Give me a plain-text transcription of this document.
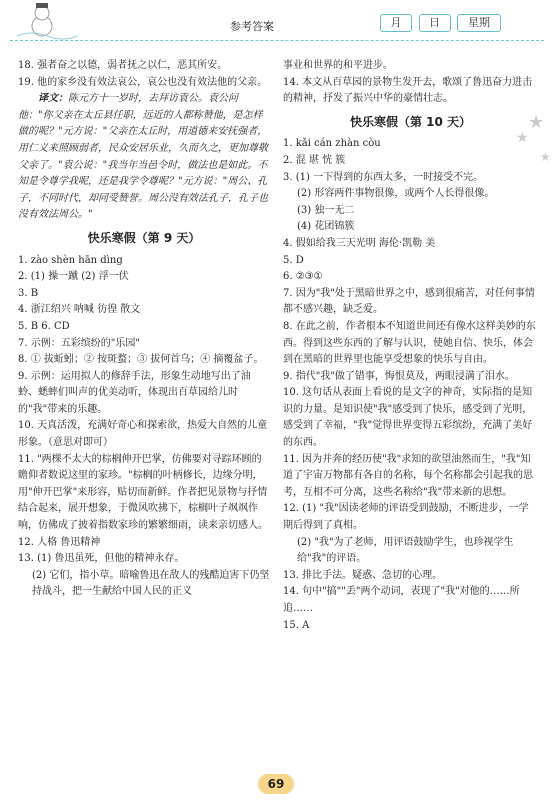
参考答案	月	日	星期

18. 强者奋之以德，弱者抚之以仁，恶其所安。

19. 他的家乡没有效法哀公，哀公也没有效法他的父亲。

译文：陈元方十一岁时，去拜访袁公。袁公问他："你父亲在太丘县任职，远近的人都称赞他，是怎样做的呢？"元方说："父亲在太丘时，用道德来安抚强者，用仁义来照顾弱者，民众安居乐业，久而久之，更加尊敬父亲了。"袁公说："我当年当邑令时，做法也是如此。不知是令尊学我呢，还是我学令尊呢？"元方说："周公、孔子，不同时代，却同受赞誉。周公没有效法孔子，孔子也没有效法周公。"

快乐寒假（第 9 天）

1. zào shèn hān dìng

2. (1) 操一蹴 (2) 浮一伏

3. B

4. 浙江绍兴 呐喊 彷徨 散文

5. B 6. CD

7. 示例：五彩缤纷的"乐园"

8. ① 拔蚯蚓；② 按斑蝥；③ 拔何首乌；④ 摘覆盆子。

9. 示例：运用拟人的修辞手法，形象生动地写出了油蛉、蟋蟀们叫声的优美动听，体现出百草园给儿时的"我"带来的乐趣。

10. 天真活泼，充满好奇心和探索欲，热爱大自然的儿童形象。（意思对即可）

11. "两棵不太大的棕榈伸开巴掌，仿佛要对寻踪环顾的瞻仰者数说这里的家珍。"棕榈的叶柄修长，边缘分明，用"伸开巴掌"来形容，贴切而新鲜。作者把见景物与抒情结合起来，展开想象，于微风吹拂下，棕榈叶子飒飒作响，仿佛成了披着指数家珍的繁繁细雨，读来亲切感人。

12. 人格 鲁迅精神

13. (1) 鲁迅虽死，但他的精神永存。

(2) 它们，指小草。暗喻鲁迅在敌人的残酷迫害下仍坚持战斗，把一生献给中国人民的正义

事业和世界的和平进步。

14. 本文从百草园的景物生发开去，歌颂了鲁迅奋力进击的精神，抒发了振兴中华的豪情壮志。

快乐寒假（第 10 天）

1. kǎi cán zhàn còu

2. 混 堪 恍 簇

3. (1) 一下得到的东西太多，一时接受不完。

(2) 形容两件事物很像，或两个人长得很像。

(3) 独一无二

(4) 花团锦簇

4. 假如给我三天光明 海伦·凯勒 美

5. D

6. ②③①

7. 因为"我"处于黑暗世界之中，感到很痛苦，对任何事情都不感兴趣，缺乏爱。

8. 在此之前，作者根本不知道世间还有像水这样美妙的东西。得到这些东西的了解与认识，使她自信、快乐，体会到在黑暗的世界里也能享受想象的快乐与自由。

9. 指代"我"做了错事，悔恨莫及，两眼浸满了泪水。

10. 这句话从表面上看说的是文字的神奇，实际指的是知识的力量。是知识使"我"感受到了快乐，感受到了光明，感受到了幸福，"我"觉得世界变得五彩缤纷，充满了美好的东西。

11. 因为并奔的经历使"我"求知的欲望油然而生，"我"知道了宇宙万物都有各自的名称，每个名称都会引起我的思考，互相不可分离，这些名称给"我"带来新的思想。

12. (1) "我"因读老师的评语受到鼓励，不断进步，一学期后得到了真相。

(2) "我"为了老师，用评语鼓励学生，也珍视学生给"我"的评语。

13. 排比手法。疑惑、急切的心理。

14. 句中"搞""丢"两个动词，表现了"我"对他的……所追……

15. A

★
★
★
69
